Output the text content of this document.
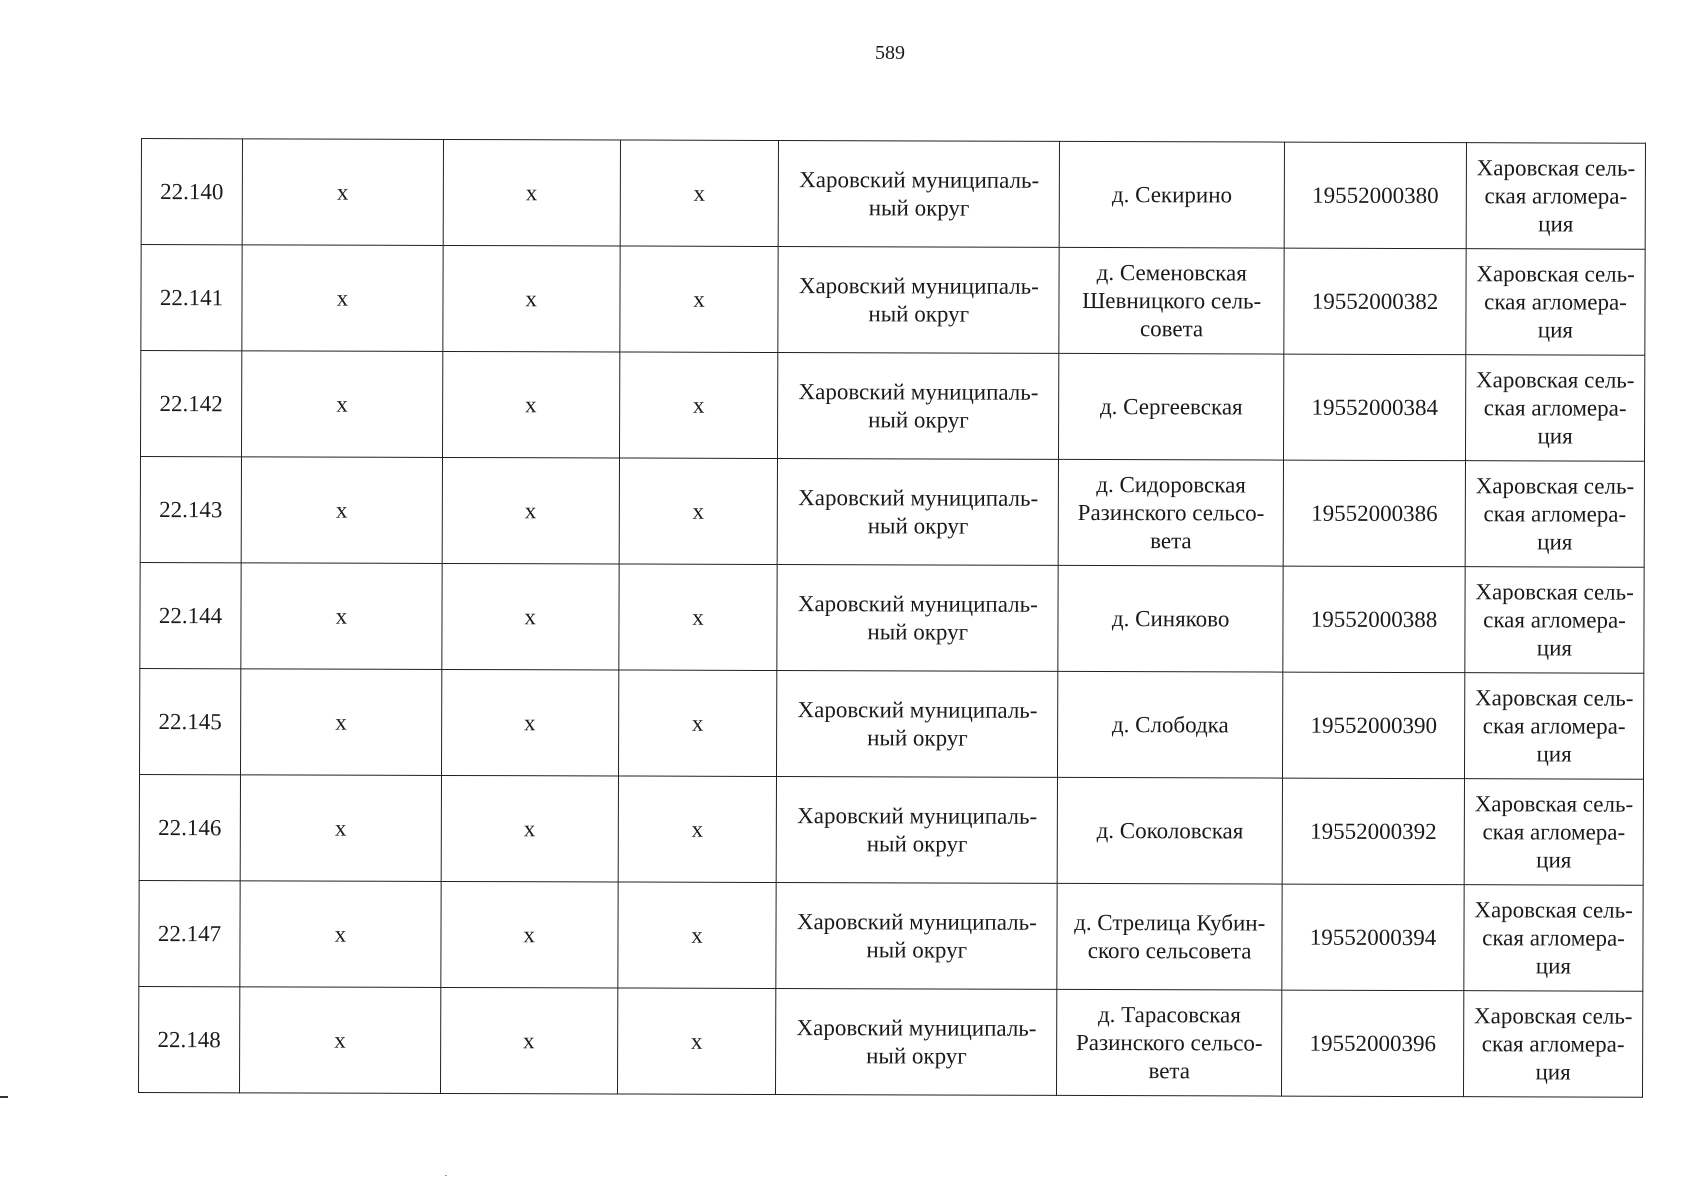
589
22.140	х	х	х	Харовский муниципаль-
ный округ	д. Секирино	19552000380	Харовская сель-
ская агломера-
ция

22.141	х	х	х	Харовский муниципаль-
ный округ	д. Семеновская
Шевницкого сель-
совета	19552000382	Харовская сель-
ская агломера-
ция

22.142	х	х	х	Харовский муниципаль-
ный округ	д. Сергеевская	19552000384	Харовская сель-
ская агломера-
ция

22.143	х	х	х	Харовский муниципаль-
ный округ	д. Сидоровская
Разинского сельсо-
вета	19552000386	Харовская сель-
ская агломера-
ция

22.144	х	х	х	Харовский муниципаль-
ный округ	д. Синяково	19552000388	Харовская сель-
ская агломера-
ция

22.145	х	х	х	Харовский муниципаль-
ный округ	д. Слободка	19552000390	Харовская сель-
ская агломера-
ция

22.146	х	х	х	Харовский муниципаль-
ный округ	д. Соколовская	19552000392	Харовская сель-
ская агломера-
ция

22.147	х	х	х	Харовский муниципаль-
ный округ	д. Стрелица Кубин-
ского сельсовета	19552000394	Харовская сель-
ская агломера-
ция

22.148	х	х	х	Харовский муниципаль-
ный округ	д. Тарасовская
Разинского сельсо-
вета	19552000396	Харовская сель-
ская агломера-
ция
